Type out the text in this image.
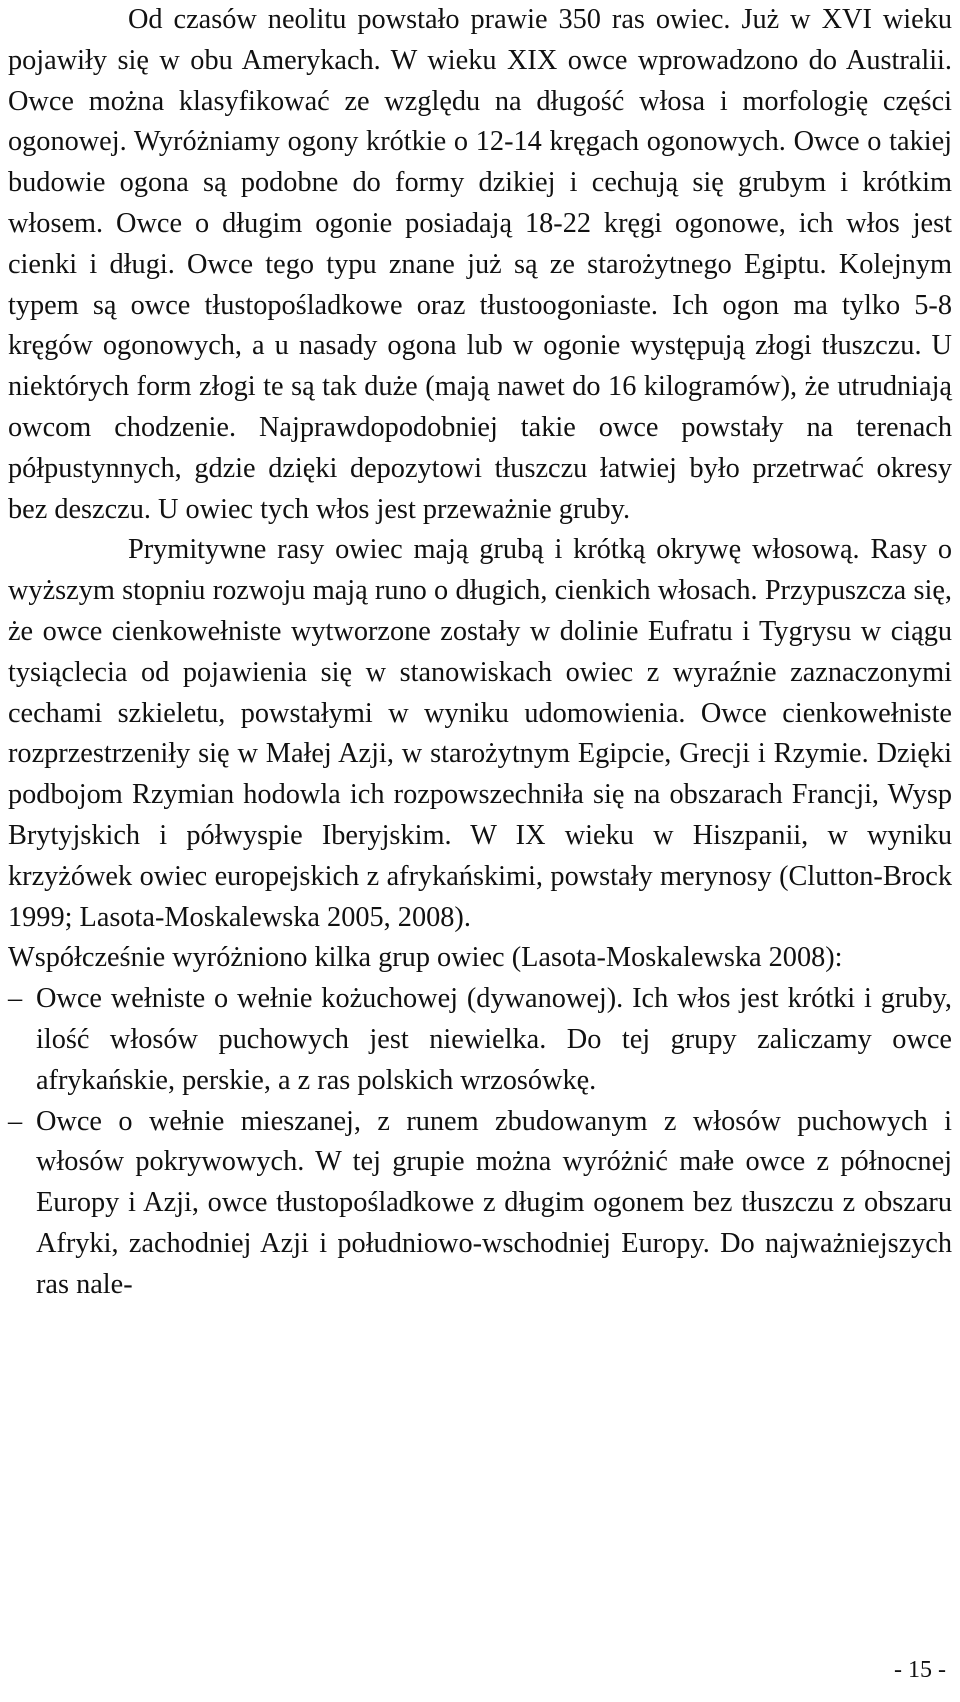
Od czasów neolitu powstało prawie 350 ras owiec. Już w XVI wieku pojawiły się w obu Amerykach. W wieku XIX owce wprowadzono do Australii. Owce można klasyfikować ze względu na długość włosa i morfologię części ogonowej. Wyróżniamy ogony krótkie o 12-14 kręgach ogonowych. Owce o takiej budowie ogona są podobne do formy dzikiej i cechują się grubym i krótkim włosem. Owce o długim ogonie posiadają 18-22 kręgi ogonowe, ich włos jest cienki i długi. Owce tego typu znane już są ze starożytnego Egiptu. Kolejnym typem są owce tłustopośladkowe oraz tłustoogoniaste. Ich ogon ma tylko 5-8 kręgów ogonowych, a u nasady ogona lub w ogonie występują złogi tłuszczu. U niektórych form złogi te są tak duże (mają nawet do 16 kilogramów), że utrudniają owcom chodzenie. Najprawdopodobniej takie owce powstały na terenach półpustynnych, gdzie dzięki depozytowi tłuszczu łatwiej było przetrwać okresy bez deszczu. U owiec tych włos jest przeważnie gruby.

Prymitywne rasy owiec mają grubą i krótką okrywę włosową. Rasy o wyższym stopniu rozwoju mają runo o długich, cienkich włosach. Przypuszcza się, że owce cienkowełniste wytworzone zostały w dolinie Eufratu i Tygrysu w ciągu tysiąclecia od pojawienia się w stanowiskach owiec z wyraźnie zaznaczonymi cechami szkieletu, powstałymi w wyniku udomowienia. Owce cienkowełniste rozprzestrzeniły się w Małej Azji, w starożytnym Egipcie, Grecji i Rzymie. Dzięki podbojom Rzymian hodowla ich rozpowszechniła się na obszarach Francji, Wysp Brytyjskich i półwyspie Iberyjskim. W IX wieku w Hiszpanii, w wyniku krzyżówek owiec europejskich z afrykańskimi, powstały merynosy (Clutton-Brock 1999; Lasota-Moskalewska 2005, 2008).

Współcześnie wyróżniono kilka grup owiec (Lasota-Moskalewska 2008):

– Owce wełniste o wełnie kożuchowej (dywanowej). Ich włos jest krótki i gruby, ilość włosów puchowych jest niewielka. Do tej grupy zaliczamy owce afrykańskie, perskie, a z ras polskich wrzosówkę.
– Owce o wełnie mieszanej, z runem zbudowanym z włosów puchowych i włosów pokrywowych. W tej grupie można wyróżnić małe owce z północnej Europy i Azji, owce tłustopośladkowe z długim ogonem bez tłuszczu z obszaru Afryki, zachodniej Azji i południowo-wschodniej Europy. Do najważniejszych ras nale-
- 15 -
